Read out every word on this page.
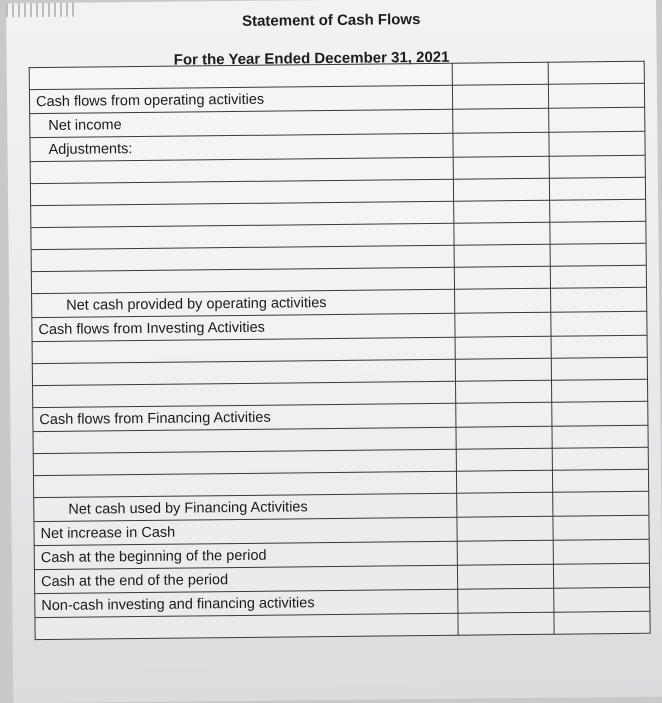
Statement of Cash Flows
For the Year Ended December 31, 2021

Cash flows from operating activities		
Net income		
Adjustments:		

Net cash provided by operating activities		
Cash flows from Investing Activities		

Cash flows from Financing Activities		

Net cash used by Financing Activities		
Net increase in Cash		
Cash at the beginning of the period		
Cash at the end of the period		
Non-cash investing and financing activities		
